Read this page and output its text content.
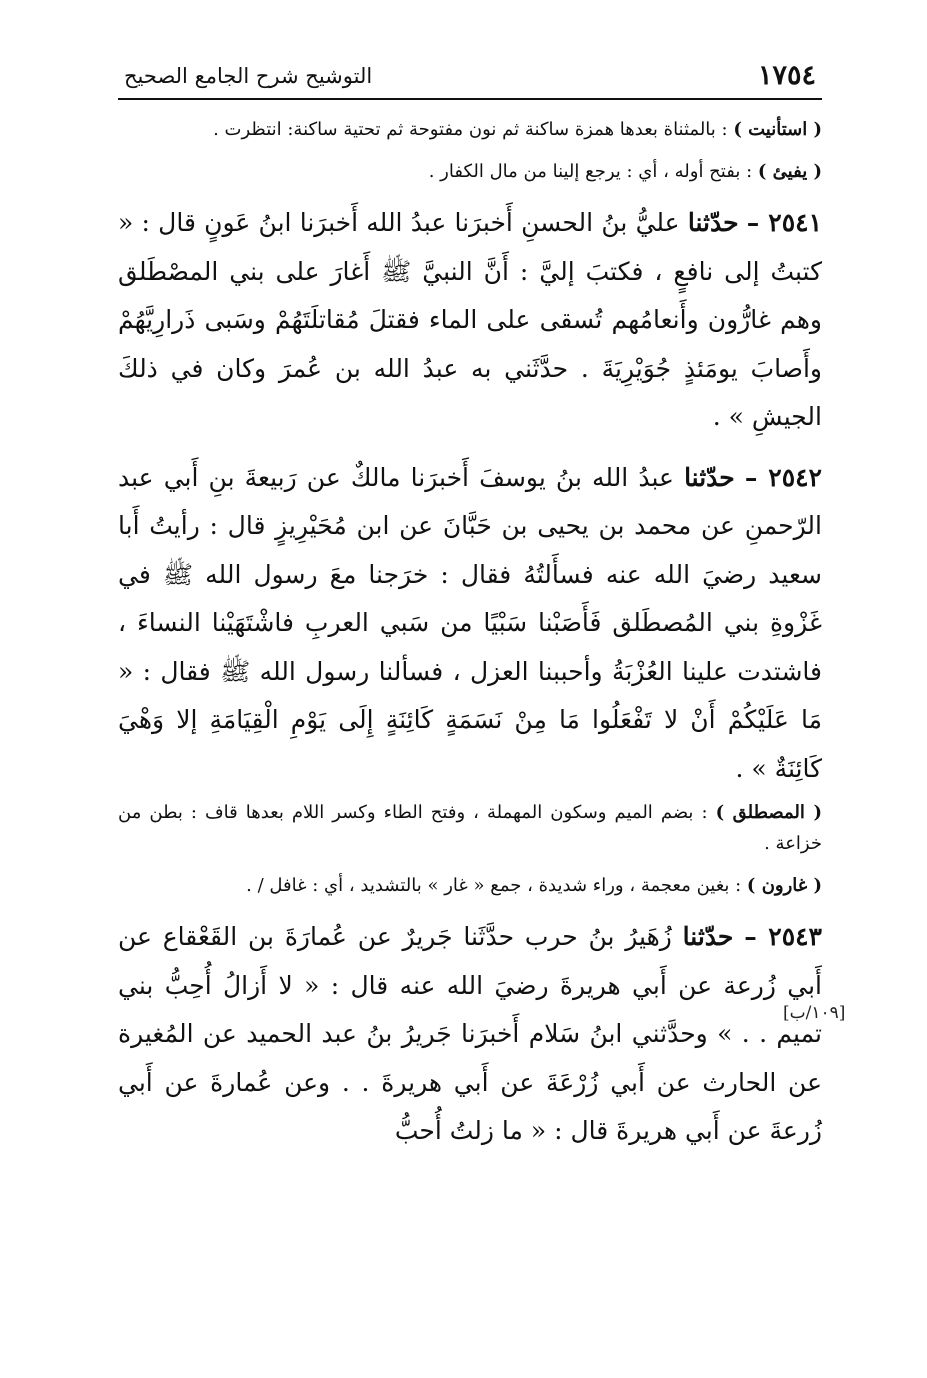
١٧٥٤
التوشيح شرح الجامع الصحيح

( استأنيت ) : بالمثناة بعدها همزة ساكنة ثم نون مفتوحة ثم تحتية ساكنة: انتظرت .

( يفيئ ) : بفتح أوله ، أي : يرجع إلينا من مال الكفار .

٢٥٤١ – حدّثنا عليُّ بنُ الحسنِ أَخبرَنا عبدُ الله أَخبرَنا ابنُ عَونٍ قال : « كتبتُ إلى نافعٍ ، فكتبَ إليَّ : أَنَّ النبيَّ ﷺ أَغارَ على بني المصْطَلق وهم غارُّون وأَنعامُهم تُسقى على الماء فقتلَ مُقاتلَتَهُمْ وسَبى ذَرارِيَّهُمْ وأَصابَ يومَئذٍ جُوَيْرِيَةَ . حدَّثَني به عبدُ الله بن عُمرَ وكان في ذلكَ الجيشِ » .

٢٥٤٢ – حدّثنا عبدُ الله بنُ يوسفَ أَخبرَنا مالكٌ عن رَبيعةَ بنِ أَبي عبد الرّحمنِ عن محمد بن يحيى بن حَبَّانَ عن ابن مُحَيْرِيزٍ قال : رأيتُ أَبا سعيد رضيَ الله عنه فسأَلتُهُ فقال : خرَجنا معَ رسول الله ﷺ في غَزْوةِ بني المُصطَلق فَأَصَبْنا سَبْيًا من سَبي العربِ فاشْتَهَيْنا النساءَ ، فاشتدت علينا العُزْبَةُ وأحببنا العزل ، فسألنا رسول الله ﷺ فقال : « مَا عَلَيْكُمْ أَنْ لا تَفْعَلُوا مَا مِنْ نَسَمَةٍ كَائِنَةٍ إِلَى يَوْمِ الْقِيَامَةِ إلا وَهْيَ كَائِنَةٌ » .

( المصطلق ) : بضم الميم وسكون المهملة ، وفتح الطاء وكسر اللام بعدها قاف : بطن من خزاعة .

( غارون ) : بغين معجمة ، وراء شديدة ، جمع « غار » بالتشديد ، أي : غافل / .

٢٥٤٣ – حدّثنا زُهَيرُ بنُ حرب حدَّثَنا جَريرٌ عن عُمارَةَ بن القَعْقاع عن أَبي زُرعة عن أَبي هريرةَ رضيَ الله عنه قال : « لا أَزالُ أُحِبُّ بني تميم . . » وحدَّثني ابنُ سَلام أَخبرَنا جَريرُ بنُ عبد الحميد عن المُغيرة عن الحارث عن أَبي زُرْعَةَ عن أَبي هريرةَ . . وعن عُمارةَ عن أَبي زُرعةَ عن أَبي هريرةَ قال : « ما زلتُ أُحبُّ

[١٠٩/ب]
